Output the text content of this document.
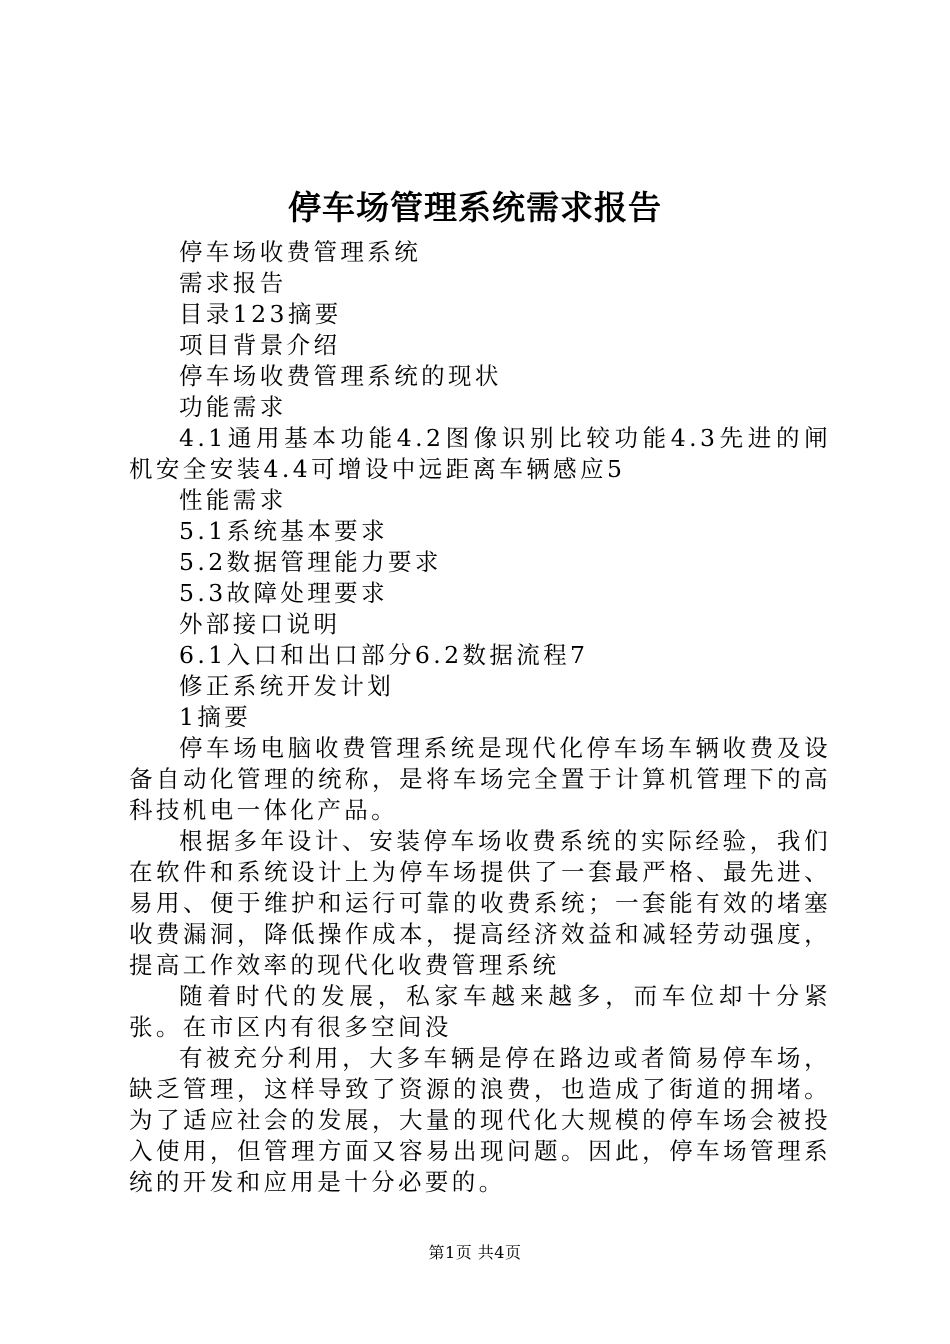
停车场管理系统需求报告

停车场收费管理系统

需求报告

目录123摘要

项目背景介绍

停车场收费管理系统的现状

功能需求

4.1通用基本功能4.2图像识别比较功能4.3先进的闸机安全安装4.4可增设中远距离车辆感应5

性能需求

5.1系统基本要求

5.2数据管理能力要求

5.3故障处理要求

外部接口说明

6.1入口和出口部分6.2数据流程7

修正系统开发计划

1摘要

停车场电脑收费管理系统是现代化停车场车辆收费及设备自动化管理的统称，是将车场完全置于计算机管理下的高科技机电一体化产品。

根据多年设计、安装停车场收费系统的实际经验，我们在软件和系统设计上为停车场提供了一套最严格、最先进、易用、便于维护和运行可靠的收费系统；一套能有效的堵塞收费漏洞，降低操作成本，提高经济效益和减轻劳动强度，提高工作效率的现代化收费管理系统

随着时代的发展，私家车越来越多，而车位却十分紧张。在市区内有很多空间没

有被充分利用，大多车辆是停在路边或者简易停车场，缺乏管理，这样导致了资源的浪费，也造成了街道的拥堵。为了适应社会的发展，大量的现代化大规模的停车场会被投入使用，但管理方面又容易出现问题。因此，停车场管理系统的开发和应用是十分必要的。

第1页 共4页
